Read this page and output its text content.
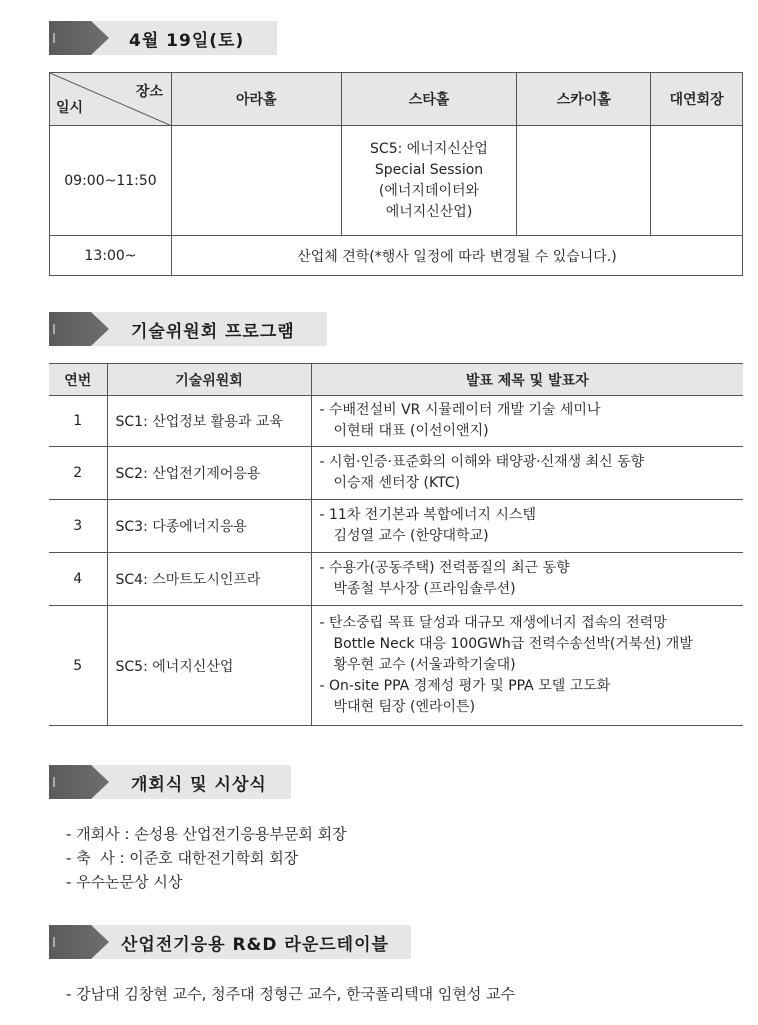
4월 19일(토)
장소
일시	아라홀	스타홀	스카이홀	대연회장
09:00~11:50		SC5: 에너지신산업
Special Session
(에너지데이터와
에너지신산업)		

13:00~	산업체 견학(*행사 일정에 따라 변경될 수 있습니다.)			
기술위원회 프로그램
연번	기술위원회	발표 제목 및 발표자
1	SC1: 산업정보 활용과 교육	- 수배전설비 VR 시뮬레이터 개발 기술 세미나
이현태 대표 (이선이앤지)

2	SC2: 산업전기제어응용	- 시험·인증·표준화의 이해와 태양광·신재생 최신 동향
이승재 센터장 (KTC)

3	SC3: 다종에너지응용	- 11차 전기본과 복합에너지 시스템
김성열 교수 (한양대학교)

4	SC4: 스마트도시인프라	- 수용가(공동주택) 전력품질의 최근 동향
박종철 부사장 (프라임솔루션)

5	SC5: 에너지신산업	- 탄소중립 목표 달성과 대규모 재생에너지 접속의 전력망
Bottle Neck 대응 100GWh급 전력수송선박(거북선) 개발
황우현 교수 (서울과학기술대)
- On-site PPA 경제성 평가 및 PPA 모델 고도화
박대현 팀장 (엔라이튼)
개회식 및 시상식
- 개회사 : 손성용 산업전기응용부문회 회장
- 축  사 : 이준호 대한전기학회 회장
- 우수논문상 시상
산업전기응용 R&D 라운드테이블
- 강남대 김창현 교수, 청주대 정형근 교수, 한국폴리텍대 임현성 교수
